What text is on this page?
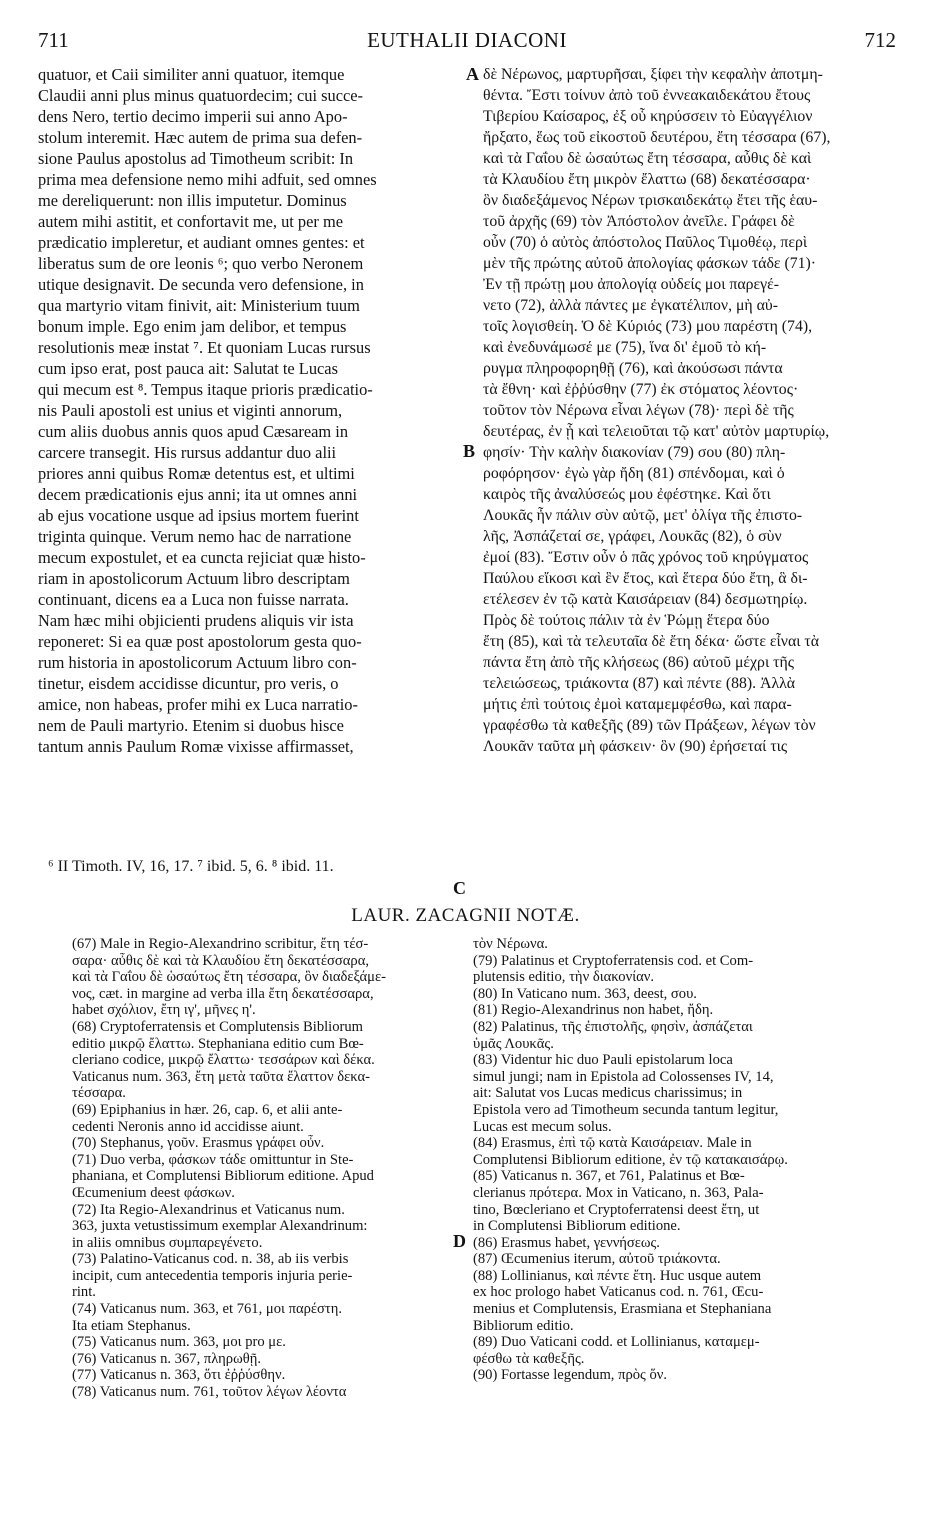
EUTHALII DIACONI
711	712
quatuor, et Caii similiter anni quatuor, itemque
Claudii anni plus minus quatuordecim; cui succe-
dens Nero, tertio decimo imperii sui anno Apo-
stolum interemit. Hæc autem de prima sua defen-
sione Paulus apostolus ad Timotheum scribit: In
prima mea defensione nemo mihi adfuit, sed omnes
me dereliquerunt: non illis imputetur. Dominus
autem mihi astitit, et confortavit me, ut per me
prædicatio impleretur, et audiant omnes gentes: et
liberatus sum de ore leonis ⁶; quo verbo Neronem
utique designavit. De secunda vero defensione, in
qua martyrio vitam finivit, ait: Ministerium tuum
bonum imple. Ego enim jam delibor, et tempus
resolutionis meæ instat ⁷. Et quoniam Lucas rursus
cum ipso erat, post pauca ait: Salutat te Lucas
qui mecum est ⁸. Tempus itaque prioris prædicatio-
nis Pauli apostoli est unius et viginti annorum,
cum aliis duobus annis quos apud Cæsaream in
carcere transegit. His rursus addantur duo alii
priores anni quibus Romæ detentus est, et ultimi
decem prædicationis ejus anni; ita ut omnes anni
ab ejus vocatione usque ad ipsius mortem fuerint
triginta quinque. Verum nemo hac de narratione
mecum expostulet, et ea cuncta rejiciat quæ histo-
riam in apostolicorum Actuum libro descriptam
continuant, dicens ea a Luca non fuisse narrata.
Nam hæc mihi objicienti prudens aliquis vir ista
reponeret: Si ea quæ post apostolorum gesta quo-
rum historia in apostolicorum Actuum libro con-
tinetur, eisdem accidisse dicuntur, pro veris, o
amice, non habeas, profer mihi ex Luca narratio-
nem de Pauli martyrio. Etenim si duobus hisce
tantum annis Paulum Romæ vixisse affirmasset,
δὲ Νέρωνος, μαρτυρῆσαι, ξίφει τὴν κεφαλὴν ἀποτμη-
θέντα. Ἔστι τοίνυν ἀπὸ τοῦ ἐννεακαιδεκάτου ἔτους
Τιβερίου Καίσαρος, ἐξ οὗ κηρύσσειν τὸ Εὐαγγέλιον
ἤρξατο, ἕως τοῦ εἰκοστοῦ δευτέρου, ἔτη τέσσαρα (67),
καὶ τὰ Γαΐου δὲ ὡσαύτως ἔτη τέσσαρα, αὖθις δὲ καὶ
τὰ Κλαυδίου ἔτη μικρὸν ἔλαττω (68) δεκατέσσαρα·
ὃν διαδεξάμενος Νέρων τρισκαιδεκάτῳ ἔτει τῆς ἑαυ-
τοῦ ἀρχῆς (69) τὸν Ἀπόστολον ἀνεῖλε. Γράφει δὲ
οὖν (70) ὁ αὐτὸς ἀπόστολος Παῦλος Τιμοθέῳ, περὶ
μὲν τῆς πρώτης αὐτοῦ ἀπολογίας φάσκων τάδε (71)·
Ἐν τῇ πρώτῃ μου ἀπολογίᾳ οὐδείς μοι παρεγέ-
νετο (72), ἀλλὰ πάντες με ἐγκατέλιπον, μὴ αὐ-
τοῖς λογισθείη. Ὁ δὲ Κύριός (73) μου παρέστη (74),
καὶ ἐνεδυνάμωσέ με (75), ἵνα δι' ἐμοῦ τὸ κή-
ρυγμα πληροφορηθῇ (76), καὶ ἀκούσωσι πάντα
τὰ ἔθνη· καὶ ἐῤῥύσθην (77) ἐκ στόματος λέοντος·
τοῦτον τὸν Νέρωνα εἶναι λέγων (78)· περὶ δὲ τῆς
δευτέρας, ἐν ᾗ καὶ τελειοῦται τῷ κατ' αὐτὸν μαρτυρίῳ,
φησίν· Τὴν καλὴν διακονίαν (79) σου (80) πλη-
ροφόρησον· ἐγὼ γὰρ ἤδη (81) σπένδομαι, καὶ ὁ
καιρὸς τῆς ἀναλύσεώς μου ἐφέστηκε. Καὶ ὅτι
Λουκᾶς ἦν πάλιν σὺν αὐτῷ, μετ' ὀλίγα τῆς ἐπιστο-
λῆς, Ἀσπάζεταί σε, γράφει, Λουκᾶς (82), ὁ σὺν
ἐμοί (83). Ἔστιν οὖν ὁ πᾶς χρόνος τοῦ κηρύγματος
Παύλου εἴκοσι καὶ ἓν ἔτος, καὶ ἕτερα δύο ἔτη, ἃ δι-
ετέλεσεν ἐν τῷ κατὰ Καισάρειαν (84) δεσμωτηρίῳ.
Πρὸς δὲ τούτοις πάλιν τὰ ἐν Ῥώμῃ ἕτερα δύο
ἔτη (85), καὶ τὰ τελευταῖα δὲ ἔτη δέκα· ὥστε εἶναι τὰ
πάντα ἔτη ἀπὸ τῆς κλήσεως (86) αὐτοῦ μέχρι τῆς
τελειώσεως, τριάκοντα (87) καὶ πέντε (88). Ἀλλὰ
μήτις ἐπὶ τούτοις ἐμοὶ καταμεμφέσθω, καὶ παρα-
γραφέσθω τὰ καθεξῆς (89) τῶν Πράξεων, λέγων τὸν
Λουκᾶν ταῦτα μὴ φάσκειν· ὃν (90) ἐρήσεταί τις
A
B
C
D
⁶ II Timoth. IV, 16, 17. ⁷ ibid. 5, 6. ⁸ ibid. 11.
LAUR. ZACAGNII NOTÆ.
(67) Male in Regio-Alexandrino scribitur, ἔτη τέσ-
σαρα· αὖθις δὲ καὶ τὰ Κλαυδίου ἔτη δεκατέσσαρα,
καὶ τὰ Γαΐου δὲ ὡσαύτως ἔτη τέσσαρα, ὃν διαδεξάμε-
νος, cæt. in margine ad verba illa ἔτη δεκατέσσαρα,
habet σχόλιον, ἔτη ιγ', μῆνες η'.
(68) Cryptoferratensis et Complutensis Bibliorum
editio μικρῷ ἔλαττω. Stephaniana editio cum Bœ-
cleriano codice, μικρῷ ἔλαττω· τεσσάρων καὶ δέκα.
Vaticanus num. 363, ἔτη μετὰ ταῦτα ἔλαττον δεκα-
τέσσαρα.
(69) Epiphanius in hær. 26, cap. 6, et alii ante-
cedenti Neronis anno id accidisse aiunt.
(70) Stephanus, γοῦν. Erasmus γράφει οὖν.
(71) Duo verba, φάσκων τάδε omittuntur in Ste-
phaniana, et Complutensi Bibliorum editione. Apud
Œcumenium deest φάσκων.
(72) Ita Regio-Alexandrinus et Vaticanus num.
363, juxta vetustissimum exemplar Alexandrinum:
in aliis omnibus συμπαρεγένετο.
(73) Palatino-Vaticanus cod. n. 38, ab iis verbis
incipit, cum antecedentia temporis injuria perie-
rint.
(74) Vaticanus num. 363, et 761, μοι παρέστη.
Ita etiam Stephanus.
(75) Vaticanus num. 363, μοι pro με.
(76) Vaticanus n. 367, πληρωθῇ.
(77) Vaticanus n. 363, ὅτι ἐῤῥύσθην.
(78) Vaticanus num. 761, τοῦτον λέγων λέοντα
τὸν Νέρωνα.
(79) Palatinus et Cryptoferratensis cod. et Com-
plutensis editio, τὴν διακονίαν.
(80) In Vaticano num. 363, deest, σου.
(81) Regio-Alexandrinus non habet, ἤδη.
(82) Palatinus, τῆς ἐπιστολῆς, φησὶν, ἀσπάζεται
ὑμᾶς Λουκᾶς.
(83) Videntur hic duo Pauli epistolarum loca
simul jungi; nam in Epistola ad Colossenses IV, 14,
ait: Salutat vos Lucas medicus charissimus; in
Epistola vero ad Timotheum secunda tantum legitur,
Lucas est mecum solus.
(84) Erasmus, ἐπὶ τῷ κατὰ Καισάρειαν. Male in
Complutensi Bibliorum editione, ἐν τῷ κατακαισάρῳ.
(85) Vaticanus n. 367, et 761, Palatinus et Bœ-
clerianus πρότερα. Mox in Vaticano, n. 363, Pala-
tino, Bœcleriano et Cryptoferratensi deest ἔτη, ut
in Complutensi Bibliorum editione.
(86) Erasmus habet, γεννήσεως.
(87) Œcumenius iterum, αὐτοῦ τριάκοντα.
(88) Lollinianus, καὶ πέντε ἔτη. Huc usque autem
ex hoc prologo habet Vaticanus cod. n. 761, Œcu-
menius et Complutensis, Erasmiana et Stephaniana
Bibliorum editio.
(89) Duo Vaticani codd. et Lollinianus, καταμεμ-
φέσθω τὰ καθεξῆς.
(90) Fortasse legendum, πρὸς ὅν.
